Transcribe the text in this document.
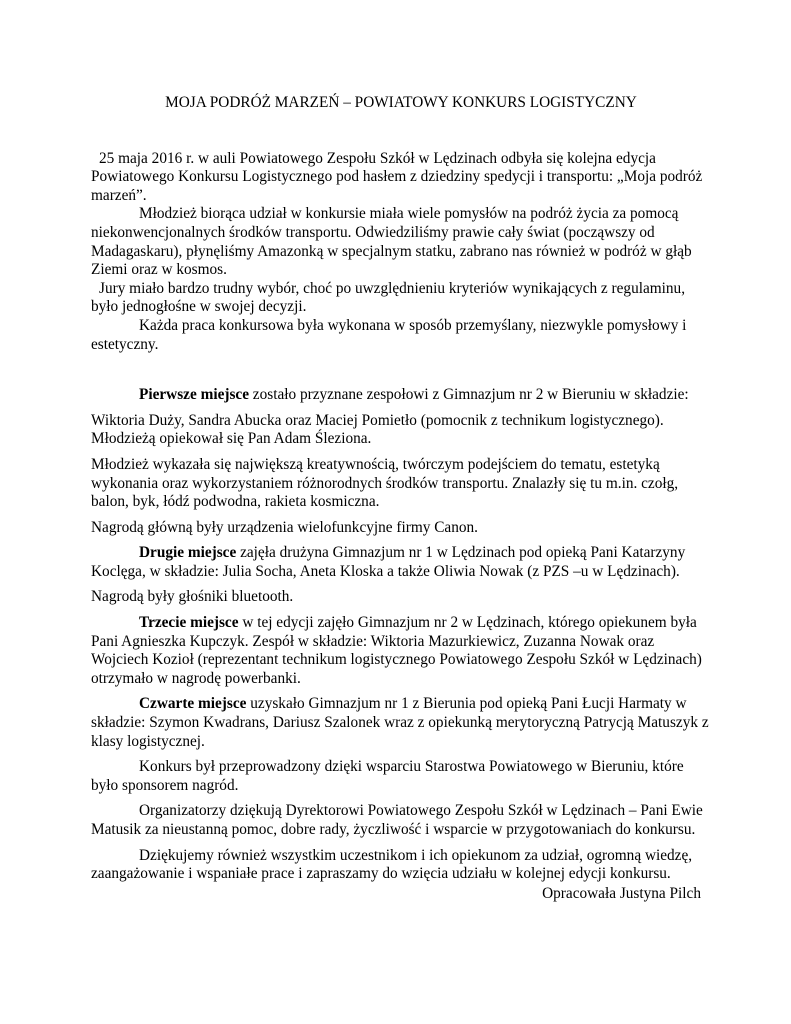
MOJA PODRÓŻ MARZEŃ – POWIATOWY KONKURS LOGISTYCZNY

25 maja 2016 r. w auli Powiatowego Zespołu Szkół w Lędzinach odbyła się kolejna edycja Powiatowego Konkursu Logistycznego pod hasłem z dziedziny spedycji i transportu: „Moja podróż marzeń”.

Młodzież biorąca udział w konkursie miała wiele pomysłów na podróż życia za pomocą niekonwencjonalnych środków transportu. Odwiedziliśmy prawie cały świat (począwszy od Madagaskaru), płynęliśmy Amazonką w specjalnym statku, zabrano nas również w podróż w głąb Ziemi oraz w kosmos.

Jury miało bardzo trudny wybór, choć po uwzględnieniu kryteriów wynikających z regulaminu, było jednogłośne w swojej decyzji.

Każda praca konkursowa była wykonana w sposób przemyślany, niezwykle pomysłowy i estetyczny.

Pierwsze miejsce zostało przyznane zespołowi z Gimnazjum nr 2 w Bieruniu w składzie:

Wiktoria Duży, Sandra Abucka oraz Maciej Pomietło (pomocnik z technikum logistycznego). Młodzieżą opiekował się Pan Adam Śleziona.

Młodzież wykazała się największą kreatywnością, twórczym podejściem do tematu, estetyką wykonania oraz wykorzystaniem różnorodnych środków transportu. Znalazły się tu m.in. czołg, balon, byk, łódź podwodna, rakieta kosmiczna.

Nagrodą główną były urządzenia wielofunkcyjne firmy Canon.

Drugie miejsce zajęła drużyna Gimnazjum nr 1 w Lędzinach pod opieką Pani Katarzyny Koclęga, w składzie: Julia Socha, Aneta Kloska a także Oliwia Nowak (z PZS –u w Lędzinach).

Nagrodą były głośniki bluetooth.

Trzecie miejsce w tej edycji zajęło Gimnazjum nr 2 w Lędzinach, którego opiekunem była Pani Agnieszka Kupczyk. Zespół w składzie: Wiktoria Mazurkiewicz, Zuzanna Nowak oraz Wojciech Kozioł (reprezentant technikum logistycznego Powiatowego Zespołu Szkół w Lędzinach) otrzymało w nagrodę powerbanki.

Czwarte miejsce uzyskało Gimnazjum nr 1 z Bierunia pod opieką Pani Łucji Harmaty w składzie: Szymon Kwadrans, Dariusz Szalonek wraz z opiekunką merytoryczną Patrycją Matuszyk z klasy logistycznej.

Konkurs był przeprowadzony dzięki wsparciu Starostwa Powiatowego w Bieruniu, które było sponsorem nagród.

Organizatorzy dziękują Dyrektorowi Powiatowego Zespołu Szkół w Lędzinach – Pani Ewie Matusik za nieustanną pomoc, dobre rady, życzliwość i wsparcie w przygotowaniach do konkursu.

Dziękujemy również wszystkim uczestnikom i ich opiekunom za udział, ogromną wiedzę, zaangażowanie i wspaniałe prace i zapraszamy do wzięcia udziału w kolejnej edycji konkursu.

Opracowała Justyna Pilch
